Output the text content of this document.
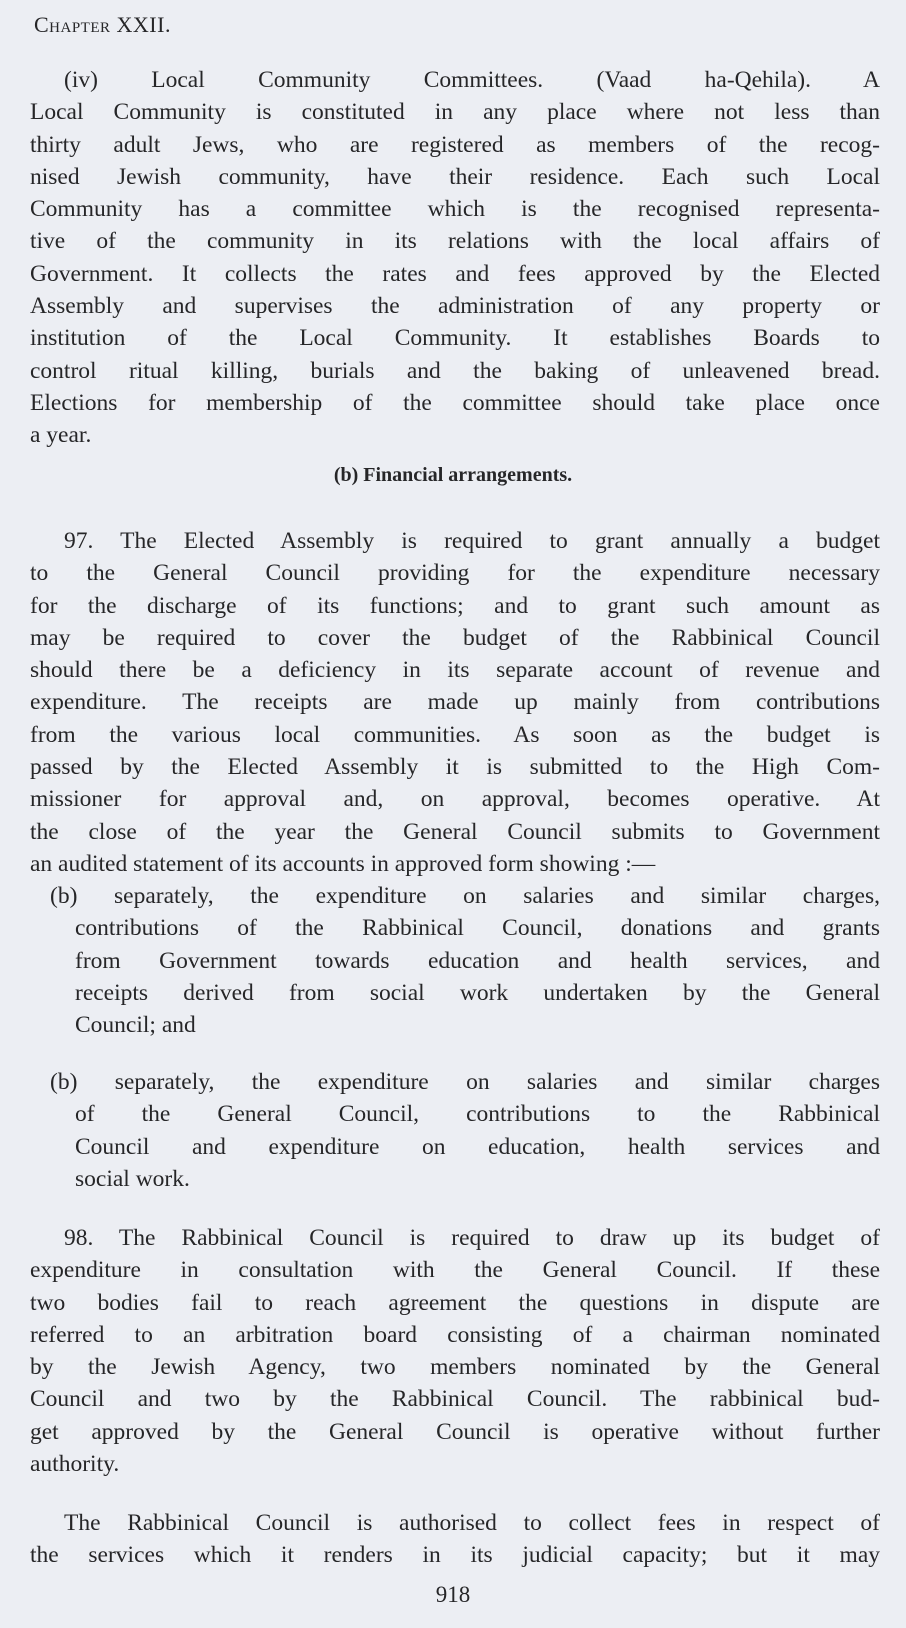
Chapter XXII.
(iv) Local Community Committees. (Vaad ha-Qehila). A
Local Community is constituted in any place where not less than
thirty adult Jews, who are registered as members of the recog-
nised Jewish community, have their residence. Each such Local
Community has a committee which is the recognised representa-
tive of the community in its relations with the local affairs of
Government. It collects the rates and fees approved by the Elected
Assembly and supervises the administration of any property or
institution of the Local Community. It establishes Boards to
control ritual killing, burials and the baking of unleavened bread.
Elections for membership of the committee should take place once
a year.
(b) Financial arrangements.
97. The Elected Assembly is required to grant annually a budget
to the General Council providing for the expenditure necessary
for the discharge of its functions; and to grant such amount as
may be required to cover the budget of the Rabbinical Council
should there be a deficiency in its separate account of revenue and
expenditure. The receipts are made up mainly from contributions
from the various local communities. As soon as the budget is
passed by the Elected Assembly it is submitted to the High Com-
missioner for approval and, on approval, becomes operative. At
the close of the year the General Council submits to Government
an audited statement of its accounts in approved form showing :—
(b) separately, the expenditure on salaries and similar charges,
contributions of the Rabbinical Council, donations and grants
from Government towards education and health services, and
receipts derived from social work undertaken by the General
Council; and
(b) separately, the expenditure on salaries and similar charges
of the General Council, contributions to the Rabbinical
Council and expenditure on education, health services and
social work.
98. The Rabbinical Council is required to draw up its budget of
expenditure in consultation with the General Council. If these
two bodies fail to reach agreement the questions in dispute are
referred to an arbitration board consisting of a chairman nominated
by the Jewish Agency, two members nominated by the General
Council and two by the Rabbinical Council. The rabbinical bud-
get approved by the General Council is operative without further
authority.
The Rabbinical Council is authorised to collect fees in respect of
the services which it renders in its judicial capacity; but it may
918
